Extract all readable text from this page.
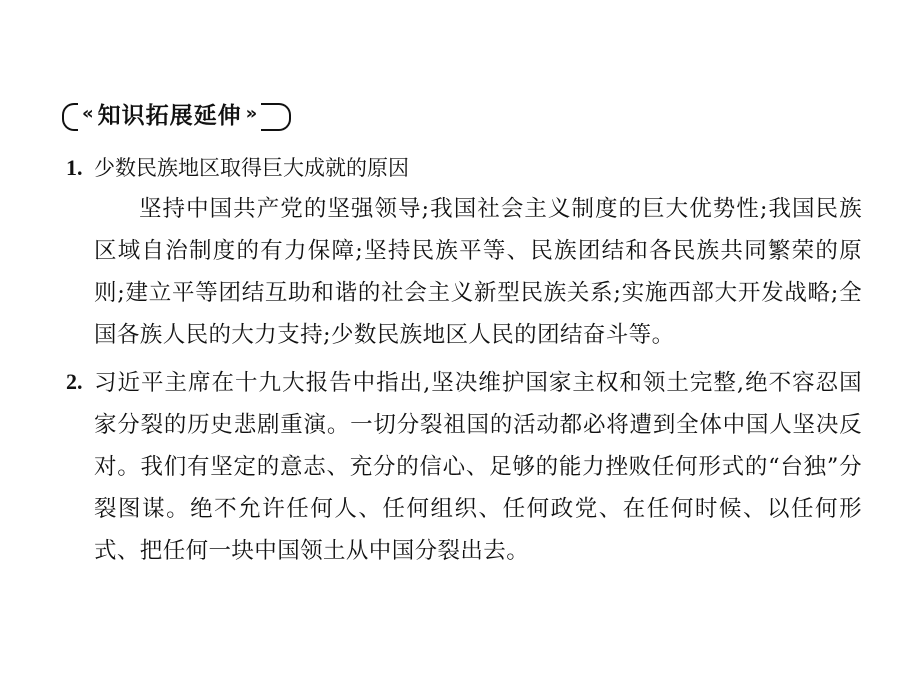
« 知识拓展延伸 »
1. 少数民族地区取得巨大成就的原因

坚持中国共产党的坚强领导;我国社会主义制度的巨大优势性;我国民族区域自治制度的有力保障;坚持民族平等、民族团结和各民族共同繁荣的原则;建立平等团结互助和谐的社会主义新型民族关系;实施西部大开发战略;全国各族人民的大力支持;少数民族地区人民的团结奋斗等。

2. 习近平主席在十九大报告中指出,坚决维护国家主权和领土完整,绝不容忍国家分裂的历史悲剧重演。一切分裂祖国的活动都必将遭到全体中国人坚决反对。我们有坚定的意志、充分的信心、足够的能力挫败任何形式的“台独”分裂图谋。绝不允许任何人、任何组织、任何政党、在任何时候、以任何形式、把任何一块中国领土从中国分裂出去。
